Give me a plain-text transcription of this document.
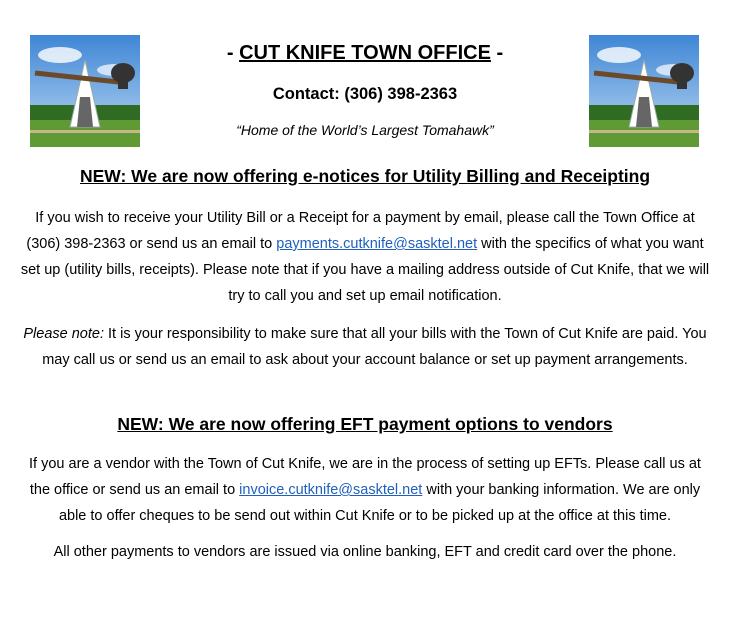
- CUT KNIFE TOWN OFFICE -
Contact: (306) 398-2363
“Home of the World’s Largest Tomahawk”
NEW: We are now offering e-notices for Utility Billing and Receipting
If you wish to receive your Utility Bill or a Receipt for a payment by email, please call the Town Office at (306) 398-2363 or send us an email to payments.cutknife@sasktel.net with the specifics of what you want set up (utility bills, receipts). Please note that if you have a mailing address outside of Cut Knife, that we will try to call you and set up email notification.
Please note: It is your responsibility to make sure that all your bills with the Town of Cut Knife are paid. You may call us or send us an email to ask about your account balance or set up payment arrangements.
NEW: We are now offering EFT payment options to vendors
If you are a vendor with the Town of Cut Knife, we are in the process of setting up EFTs. Please call us at the office or send us an email to invoice.cutknife@sasktel.net with your banking information. We are only able to offer cheques to be send out within Cut Knife or to be picked up at the office at this time.
All other payments to vendors are issued via online banking, EFT and credit card over the phone.
